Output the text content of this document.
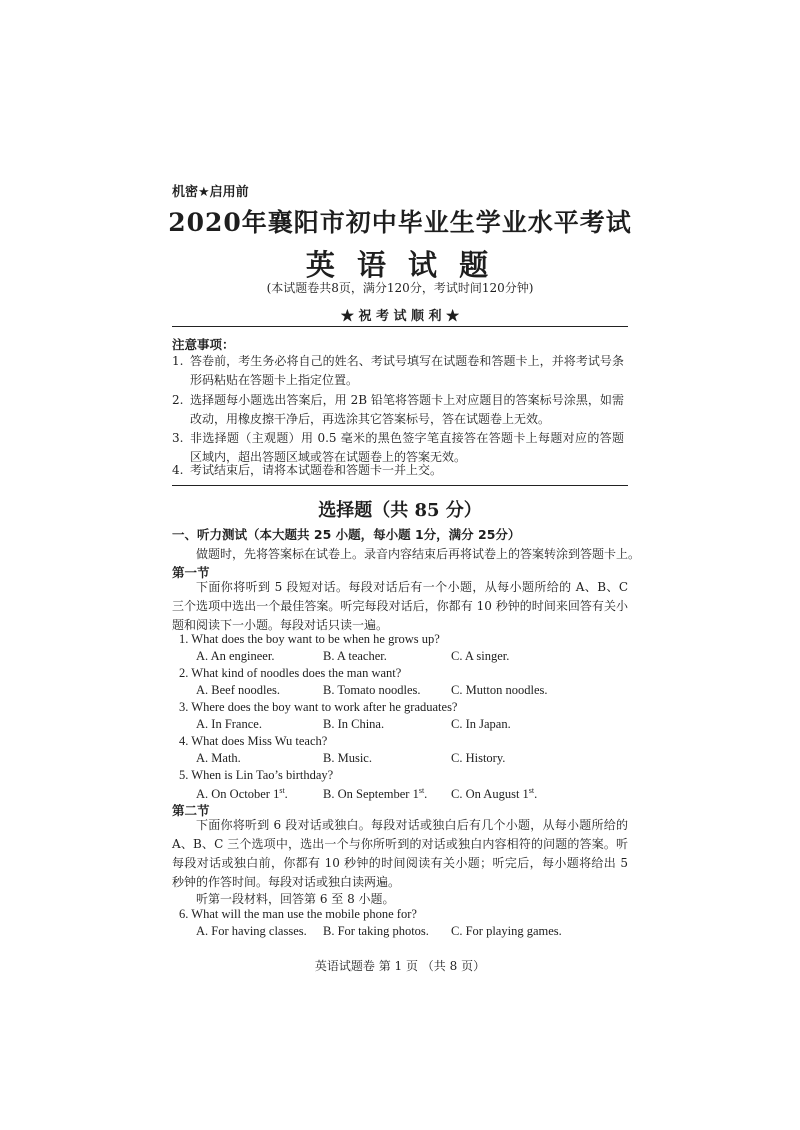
机密★启用前
2020年襄阳市初中毕业生学业水平考试
英 语 试 题
(本试题卷共8页，满分120分，考试时间120分钟)
★ 祝 考 试 顺 利 ★
注意事项：
1. 答卷前，考生务必将自己的姓名、考试号填写在试题卷和答题卡上，并将考试号条形码粘贴在答题卡上指定位置。
2. 选择题每小题选出答案后，用 2B 铅笔将答题卡上对应题目的答案标号涂黑，如需改动，用橡皮擦干净后，再选涂其它答案标号，答在试题卷上无效。
3. 非选择题（主观题）用 0.5 毫米的黑色签字笔直接答在答题卡上每题对应的答题区域内，超出答题区域或答在试题卷上的答案无效。
4. 考试结束后，请将本试题卷和答题卡一并上交。
选择题（共 85 分）
一、听力测试（本大题共 25 小题，每小题 1分，满分 25分）
做题时，先将答案标在试卷上。录音内容结束后再将试卷上的答案转涂到答题卡上。
第一节
下面你将听到 5 段短对话。每段对话后有一个小题，从每小题所给的 A、B、C 三个选项中选出一个最佳答案。听完每段对话后，你都有 10 秒钟的时间来回答有关小题和阅读下一小题。每段对话只读一遍。
1. What does the boy want to be when he grows up?
A. An engineer.	B. A teacher.	C. A singer.
2. What kind of noodles does the man want?
A. Beef noodles.	B. Tomato noodles. C. Mutton noodles.
3. Where does the boy want to work after he graduates?
A. In France.	B. In China.	C. In Japan.
4. What does Miss Wu teach?
A. Math.	B. Music.	C. History.
5. When is Lin Tao’s birthday?
A. On October 1st.	B. On September 1st. C. On August 1st.
第二节
下面你将听到 6 段对话或独白。每段对话或独白后有几个小题，从每小题所给的 A、B、C 三个选项中，选出一个与你所听到的对话或独白内容相符的问题的答案。听每段对话或独白前，你都有 10 秒钟的时间阅读有关小题；听完后，每小题将给出 5 秒钟的作答时间。每段对话或独白读两遍。
听第一段材料，回答第 6 至 8 小题。
6. What will the man use the mobile phone for?
A. For having classes. B. For taking photos. C. For playing games.
英语试题卷 第 1 页 （共 8 页）
